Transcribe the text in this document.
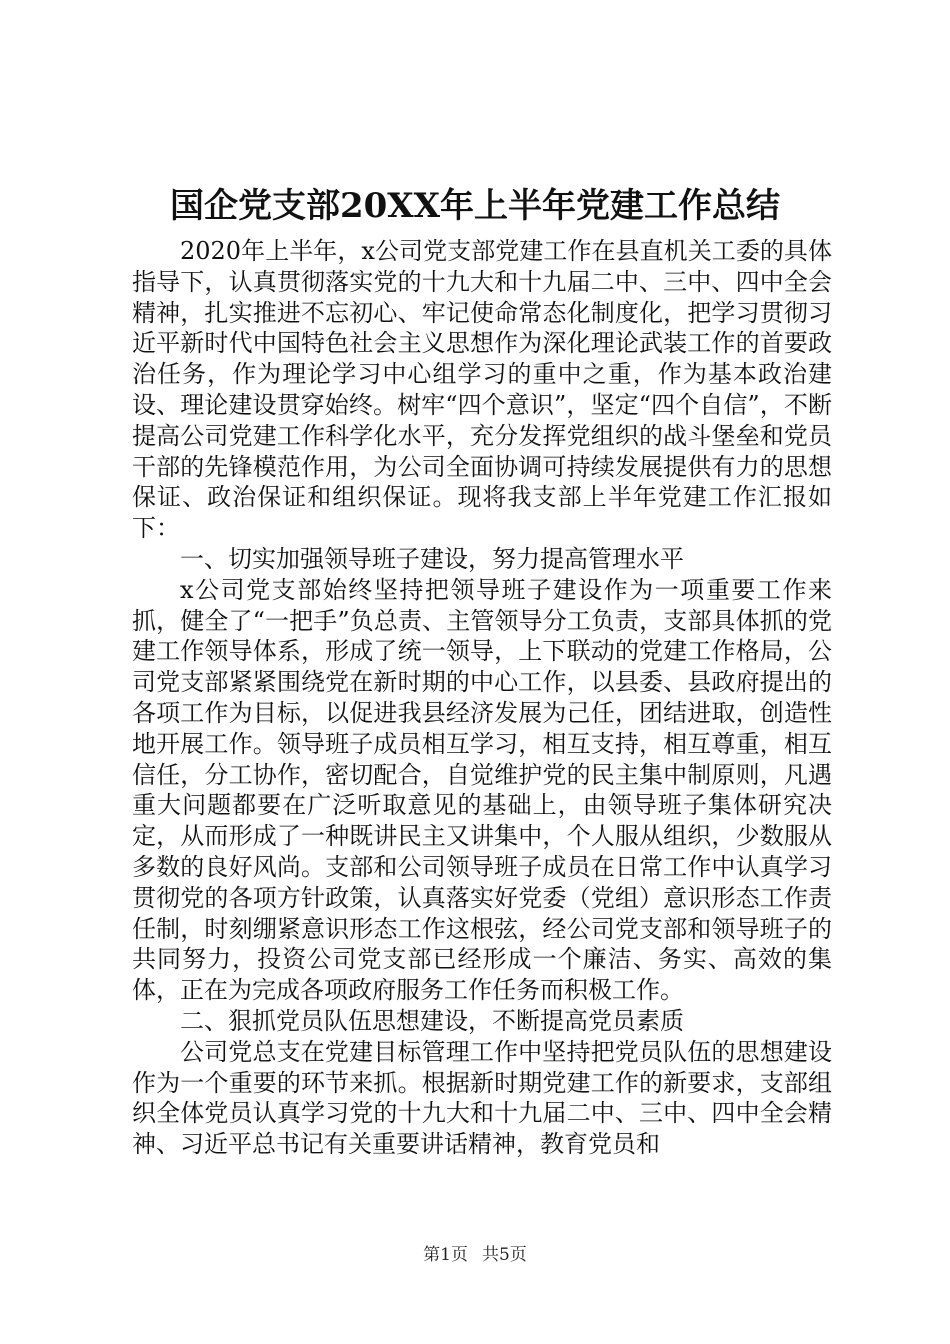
国企党支部20XX年上半年党建工作总结

2020年上半年，x公司党支部党建工作在县直机关工委的具体指导下，认真贯彻落实党的十九大和十九届二中、三中、四中全会精神，扎实推进不忘初心、牢记使命常态化制度化，把学习贯彻习近平新时代中国特色社会主义思想作为深化理论武装工作的首要政治任务，作为理论学习中心组学习的重中之重，作为基本政治建设、理论建设贯穿始终。树牢“四个意识”，坚定“四个自信”，不断提高公司党建工作科学化水平，充分发挥党组织的战斗堡垒和党员干部的先锋模范作用，为公司全面协调可持续发展提供有力的思想保证、政治保证和组织保证。现将我支部上半年党建工作汇报如下：

一、切实加强领导班子建设，努力提高管理水平

x公司党支部始终坚持把领导班子建设作为一项重要工作来抓，健全了“一把手”负总责、主管领导分工负责，支部具体抓的党建工作领导体系，形成了统一领导，上下联动的党建工作格局，公司党支部紧紧围绕党在新时期的中心工作，以县委、县政府提出的各项工作为目标，以促进我县经济发展为己任，团结进取，创造性地开展工作。领导班子成员相互学习，相互支持，相互尊重，相互信任，分工协作，密切配合，自觉维护党的民主集中制原则，凡遇重大问题都要在广泛听取意见的基础上，由领导班子集体研究决定，从而形成了一种既讲民主又讲集中，个人服从组织，少数服从多数的良好风尚。支部和公司领导班子成员在日常工作中认真学习贯彻党的各项方针政策，认真落实好党委（党组）意识形态工作责任制，时刻绷紧意识形态工作这根弦，经公司党支部和领导班子的共同努力，投资公司党支部已经形成一个廉洁、务实、高效的集体，正在为完成各项政府服务工作任务而积极工作。

二、狠抓党员队伍思想建设，不断提高党员素质

公司党总支在党建目标管理工作中坚持把党员队伍的思想建设作为一个重要的环节来抓。根据新时期党建工作的新要求，支部组织全体党员认真学习党的十九大和十九届二中、三中、四中全会精神、习近平总书记有关重要讲话精神，教育党员和

第1页 共5页
